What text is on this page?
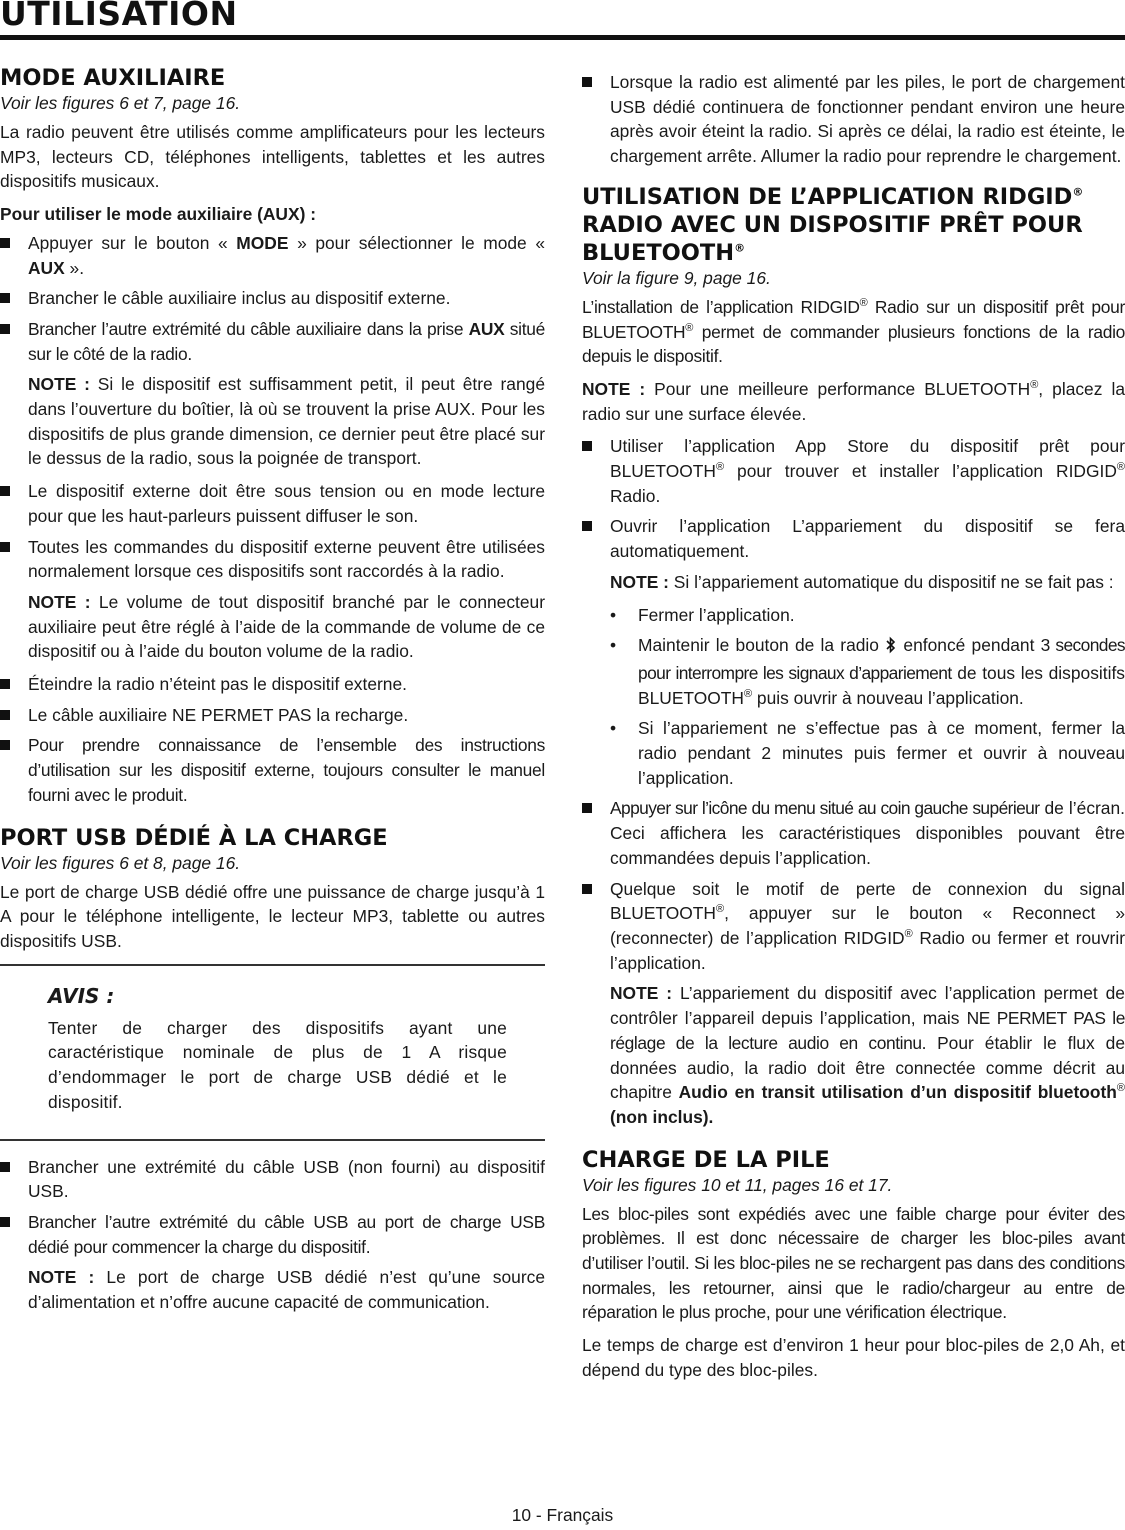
UTILISATION
MODE AUXILIAIRE
Voir les figures 6 et 7, page 16.

La radio peuvent être utilisés comme amplificateurs pour les lecteurs MP3, lecteurs CD, téléphones intelligents, tablettes et les autres dispositifs musicaux.

Pour utiliser le mode auxiliaire (AUX) :

Appuyer sur le bouton « MODE » pour sélectionner le mode « AUX ».
Brancher le câble auxiliaire inclus au dispositif externe.
Brancher l’autre extrémité du câble auxiliaire dans la prise AUX situé sur le côté de la radio.
NOTE : Si le dispositif est suffisamment petit, il peut être rangé dans l’ouverture du boîtier, là où se trouvent la prise AUX. Pour les dispositifs de plus grande dimension, ce dernier peut être placé sur le dessus de la radio, sous la poignée de transport.
Le dispositif externe doit être sous tension ou en mode lecture pour que les haut-parleurs puissent diffuser le son.
Toutes les commandes du dispositif externe peuvent être utilisées normalement lorsque ces dispositifs sont raccordés à la radio.
NOTE : Le volume de tout dispositif branché par le connecteur auxiliaire peut être réglé à l’aide de la commande de volume de ce dispositif ou à l’aide du bouton volume de la radio.
Éteindre la radio n’éteint pas le dispositif externe.
Le câble auxiliaire NE PERMET PAS la recharge.
Pour prendre connaissance de l’ensemble des instructions d’utilisation sur les dispositif externe, toujours consulter le manuel fourni avec le produit.
PORT USB DÉDIÉ À LA CHARGE
Voir les figures 6 et 8, page 16.

Le port de charge USB dédié offre une puissance de charge jusqu’à 1 A pour le téléphone intelligente, le lecteur MP3, tablette ou autres dispositifs USB.

AVIS :

Tenter de charger des dispositifs ayant une caractéristique nominale de plus de 1 A risque d’endommager le port de charge USB dédié et le dispositif.

Brancher une extrémité du câble USB (non fourni) au dispositif USB.
Brancher l’autre extrémité du câble USB au port de charge USB dédié pour commencer la charge du dispositif.
NOTE : Le port de charge USB dédié n’est qu’une source d’alimentation et n’offre aucune capacité de communication.
Lorsque la radio est alimenté par les piles, le port de chargement USB dédié continuera de fonctionner pendant environ une heure après avoir éteint la radio. Si après ce délai, la radio est éteinte, le chargement arrête. Allumer la radio pour reprendre le chargement.
UTILISATION DE L’APPLICATION RIDGID®
RADIO AVEC UN DISPOSITIF PRÊT POUR
BLUETOOTH®
Voir la figure 9, page 16.

L’installation de l’application RIDGID® Radio sur un dispositif prêt pour BLUETOOTH® permet de commander plusieurs fonctions de la radio depuis le dispositif.

NOTE : Pour une meilleure performance BLUETOOTH®, placez la radio sur une surface élevée.

Utiliser l’application App Store du dispositif prêt pour BLUETOOTH® pour trouver et installer l’application RIDGID® Radio.
Ouvrir l’application L’appariement du dispositif se fera automatiquement.
NOTE : Si l’appariement automatique du dispositif ne se fait pas :
• Fermer l’application.
• Maintenir le bouton de la radio  enfoncé pendant 3 secondes pour interrompre les signaux d’appariement de tous les dispositifs BLUETOOTH® puis ouvrir à nouveau l’application.
• Si l’appariement ne s’effectue pas à ce moment, fermer la radio pendant 2 minutes puis fermer et ouvrir à nouveau l’application.
Appuyer sur l’icône du menu situé au coin gauche supérieur de l’écran. Ceci affichera les caractéristiques disponibles pouvant être commandées depuis l’application.
Quelque soit le motif de perte de connexion du signal BLUETOOTH®, appuyer sur le bouton « Reconnect » (reconnecter) de l’application RIDGID® Radio ou fermer et rouvrir l’application.
NOTE : L’appariement du dispositif avec l’application permet de contrôler l’appareil depuis l’application, mais NE PERMET PAS le réglage de la lecture audio en continu. Pour établir le flux de données audio, la radio doit être connectée comme décrit au chapitre Audio en transit utilisation d’un dispositif bluetooth® (non inclus).
CHARGE DE LA PILE
Voir les figures 10 et 11, pages 16 et 17.

Les bloc-piles sont expédiés avec une faible charge pour éviter des problèmes. Il est donc nécessaire de charger les bloc-piles avant d’utiliser l’outil. Si les bloc-piles ne se rechargent pas dans des conditions normales, les retourner, ainsi que le radio/chargeur au entre de réparation le plus proche, pour une vérification électrique.

Le temps de charge est d’environ 1 heur pour bloc-piles de 2,0 Ah, et dépend du type des bloc-piles.

10 - Français
